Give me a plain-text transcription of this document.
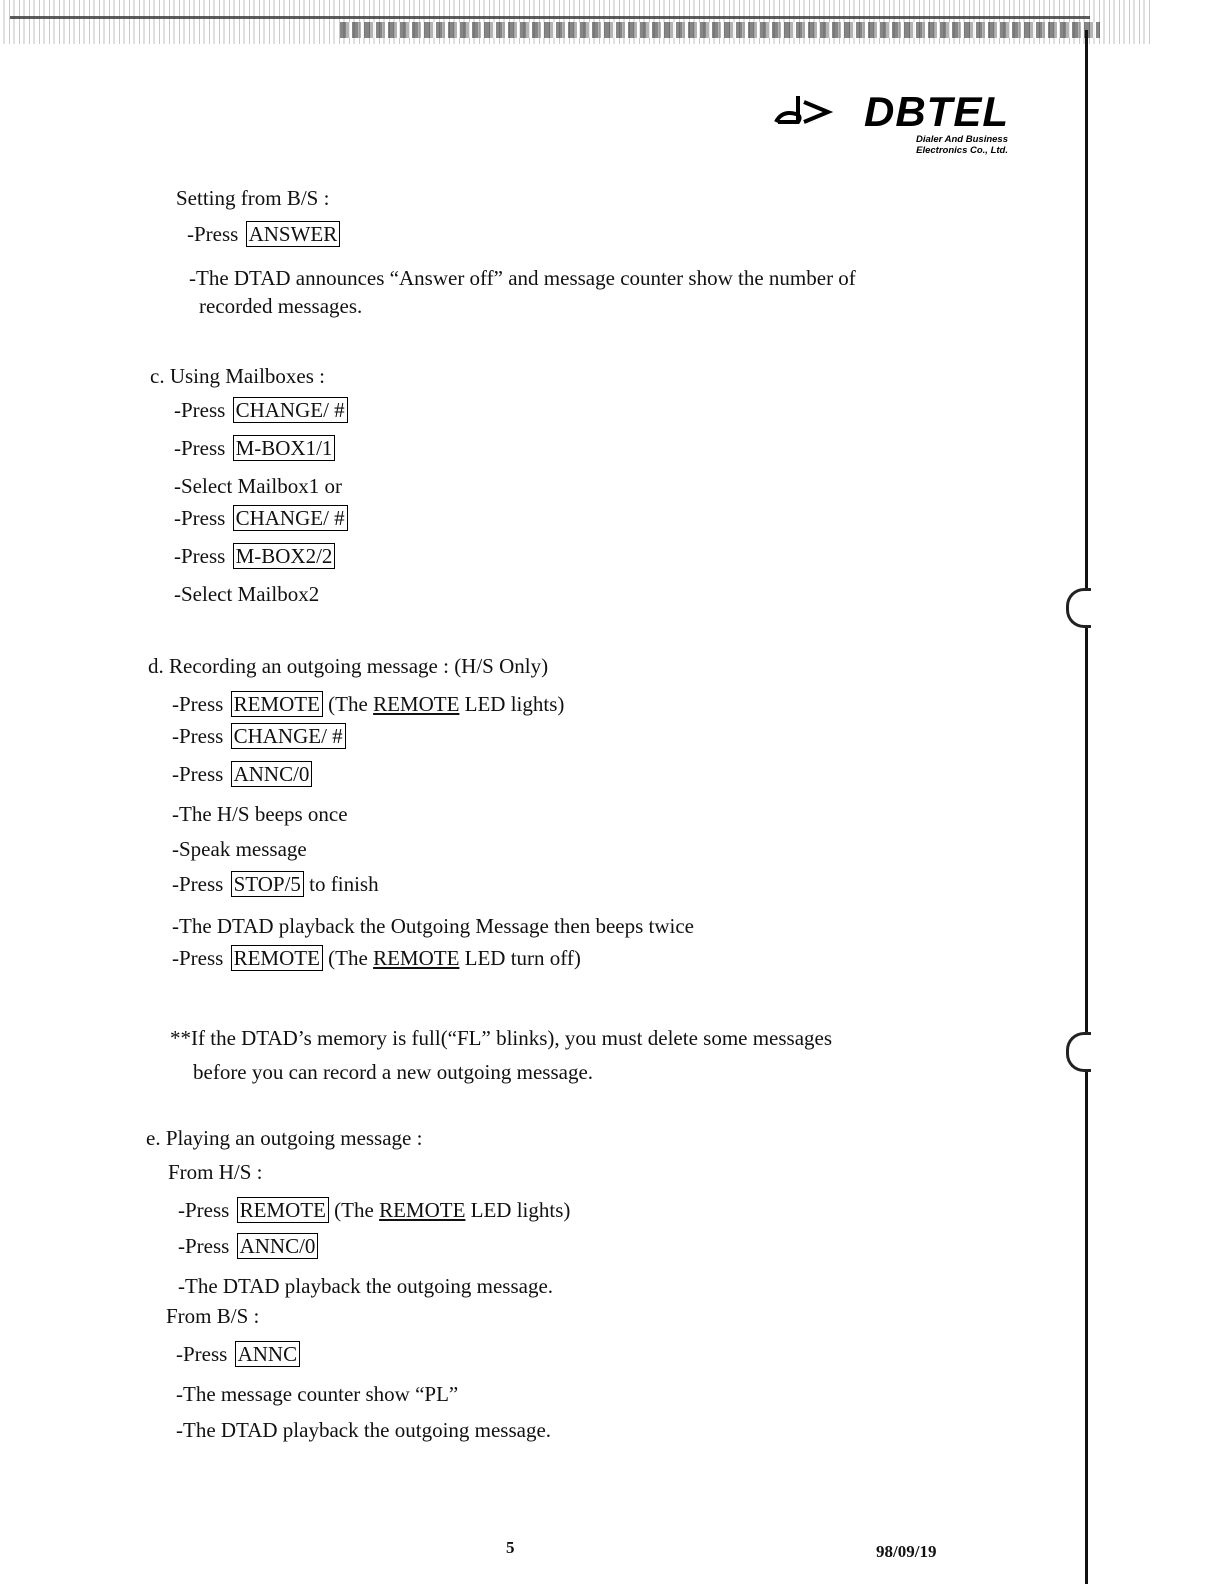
DBTEL
Dialer And Business
Electronics Co., Ltd.
Setting from B/S :
-Press ANSWER
-The DTAD announces “Answer off” and message counter show the number of
recorded messages.
c. Using Mailboxes :
-Press CHANGE/ #
-Press M-BOX1/1
-Select Mailbox1 or
-Press CHANGE/ #
-Press M-BOX2/2
-Select Mailbox2
d. Recording an outgoing message : (H/S Only)
-Press REMOTE (The REMOTE LED lights)
-Press CHANGE/ #
-Press ANNC/0
-The H/S beeps once
-Speak message
-Press STOP/5 to finish
-The DTAD playback the Outgoing Message then beeps twice
-Press REMOTE (The REMOTE LED turn off)
**If the DTAD’s memory is full(“FL” blinks), you must delete some messages
before you can record a new outgoing message.
e. Playing an outgoing message :
From H/S :
-Press REMOTE (The REMOTE LED lights)
-Press ANNC/0
-The DTAD playback the outgoing message.
From B/S :
-Press ANNC
-The message counter show “PL”
-The DTAD playback the outgoing message.
5	98/09/19
